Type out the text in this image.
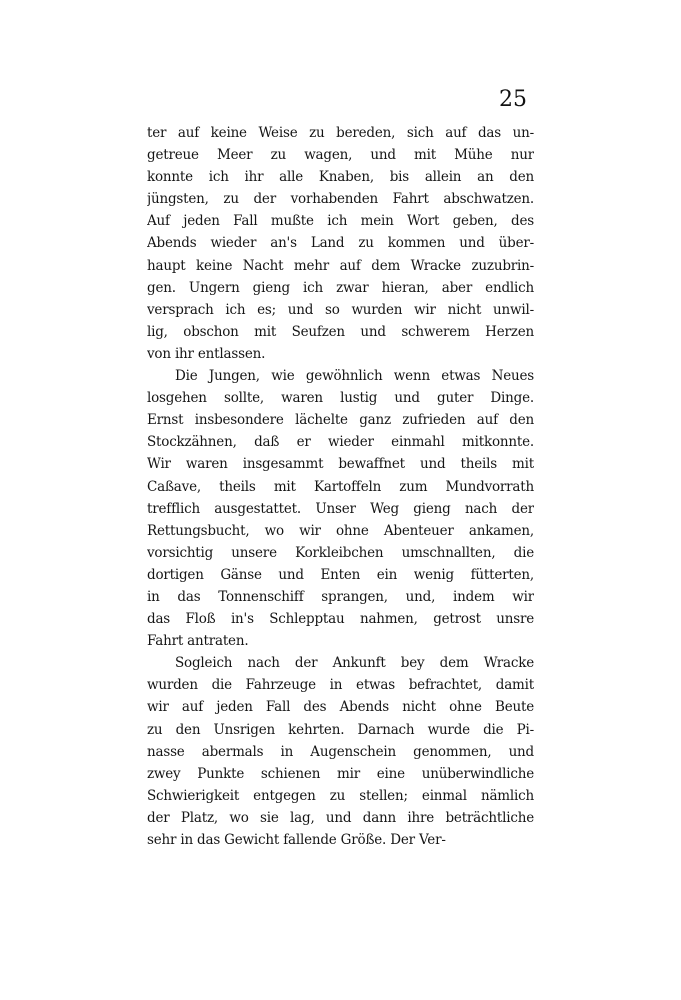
25
ter auf keine Weise zu bereden, sich auf das un-
getreue Meer zu wagen, und mit Mühe nur
konnte ich ihr alle Knaben, bis allein an den
jüngsten, zu der vorhabenden Fahrt abschwatzen.
Auf jeden Fall mußte ich mein Wort geben, des
Abends wieder an's Land zu kommen und über-
haupt keine Nacht mehr auf dem Wracke zuzubrin-
gen. Ungern gieng ich zwar hieran, aber endlich
versprach ich es; und so wurden wir nicht unwil-
lig, obschon mit Seufzen und schwerem Herzen
von ihr entlassen.
Die Jungen, wie gewöhnlich wenn etwas Neues
losgehen sollte, waren lustig und guter Dinge.
Ernst insbesondere lächelte ganz zufrieden auf den
Stockzähnen, daß er wieder einmahl mitkonnte.
Wir waren insgesammt bewaffnet und theils mit
Caßave, theils mit Kartoffeln zum Mundvorrath
trefflich ausgestattet. Unser Weg gieng nach der
Rettungsbucht, wo wir ohne Abenteuer ankamen,
vorsichtig unsere Korkleibchen umschnallten, die
dortigen Gänse und Enten ein wenig fütterten,
in das Tonnenschiff sprangen, und, indem wir
das Floß in's Schlepptau nahmen, getrost unsre
Fahrt antraten.
Sogleich nach der Ankunft bey dem Wracke
wurden die Fahrzeuge in etwas befrachtet, damit
wir auf jeden Fall des Abends nicht ohne Beute
zu den Unsrigen kehrten. Darnach wurde die Pi-
nasse abermals in Augenschein genommen, und
zwey Punkte schienen mir eine unüberwindliche
Schwierigkeit entgegen zu stellen; einmal nämlich
der Platz, wo sie lag, und dann ihre beträchtliche
sehr in das Gewicht fallende Größe. Der Ver-
